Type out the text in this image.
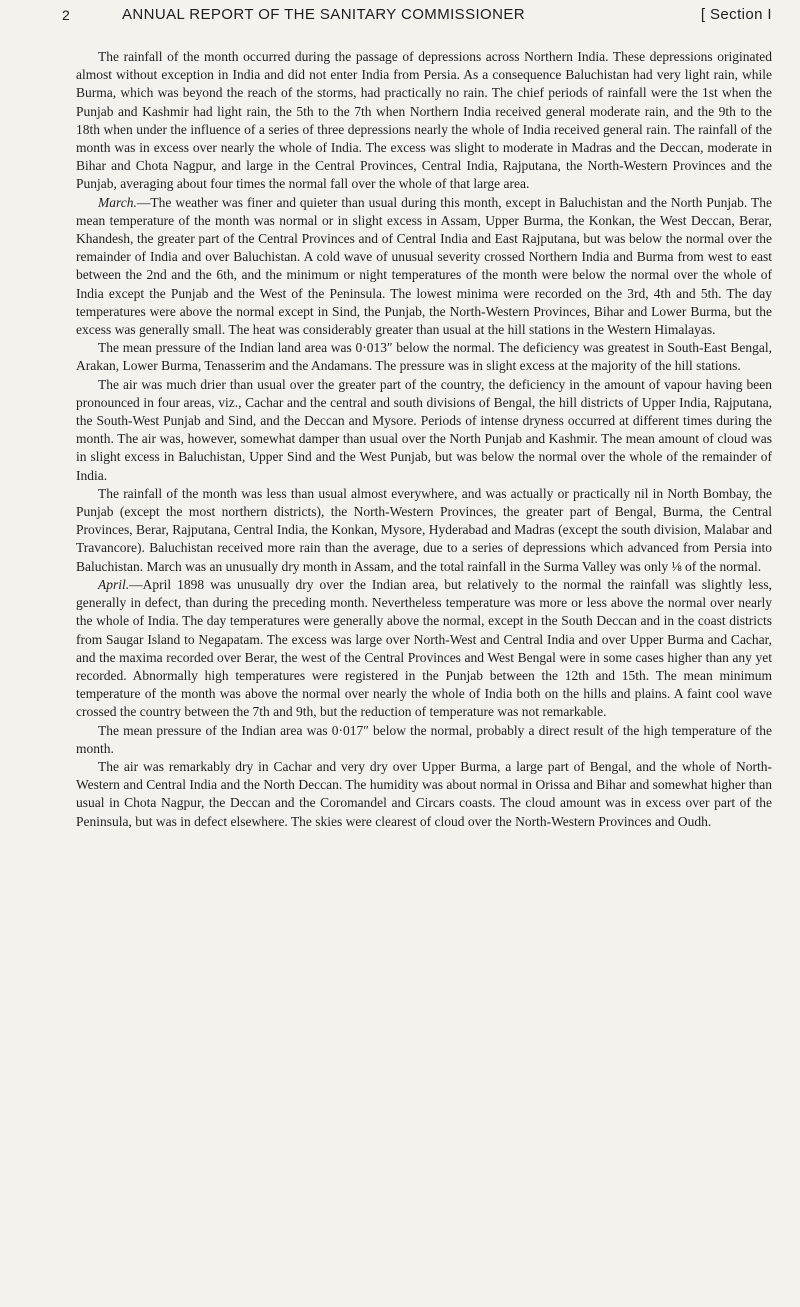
2	ANNUAL REPORT OF THE SANITARY COMMISSIONER	[ Section I

The rainfall of the month occurred during the passage of depressions across Northern India. These depressions originated almost without exception in India and did not enter India from Persia. As a consequence Baluchistan had very light rain, while Burma, which was beyond the reach of the storms, had practically no rain. The chief periods of rainfall were the 1st when the Punjab and Kashmir had light rain, the 5th to the 7th when Northern India received general moderate rain, and the 9th to the 18th when under the influence of a series of three depressions nearly the whole of India received general rain. The rainfall of the month was in excess over nearly the whole of India. The excess was slight to moderate in Madras and the Deccan, moderate in Bihar and Chota Nagpur, and large in the Central Provinces, Central India, Rajputana, the North-Western Provinces and the Punjab, averaging about four times the normal fall over the whole of that large area.

March.—The weather was finer and quieter than usual during this month, except in Baluchistan and the North Punjab. The mean temperature of the month was normal or in slight excess in Assam, Upper Burma, the Konkan, the West Deccan, Berar, Khandesh, the greater part of the Central Provinces and of Central India and East Rajputana, but was below the normal over the remainder of India and over Baluchistan. A cold wave of unusual severity crossed Northern India and Burma from west to east between the 2nd and the 6th, and the minimum or night temperatures of the month were below the normal over the whole of India except the Punjab and the West of the Peninsula. The lowest minima were recorded on the 3rd, 4th and 5th. The day temperatures were above the normal except in Sind, the Punjab, the North-Western Provinces, Bihar and Lower Burma, but the excess was generally small. The heat was considerably greater than usual at the hill stations in the Western Himalayas.

The mean pressure of the Indian land area was 0·013″ below the normal. The deficiency was greatest in South-East Bengal, Arakan, Lower Burma, Tenasserim and the Andamans. The pressure was in slight excess at the majority of the hill stations.

The air was much drier than usual over the greater part of the country, the deficiency in the amount of vapour having been pronounced in four areas, viz., Cachar and the central and south divisions of Bengal, the hill districts of Upper India, Rajputana, the South-West Punjab and Sind, and the Deccan and Mysore. Periods of intense dryness occurred at different times during the month. The air was, however, somewhat damper than usual over the North Punjab and Kashmir. The mean amount of cloud was in slight excess in Baluchistan, Upper Sind and the West Punjab, but was below the normal over the whole of the remainder of India.

The rainfall of the month was less than usual almost everywhere, and was actually or practically nil in North Bombay, the Punjab (except the most northern districts), the North-Western Provinces, the greater part of Bengal, Burma, the Central Provinces, Berar, Rajputana, Central India, the Konkan, Mysore, Hyderabad and Madras (except the south division, Malabar and Travancore). Baluchistan received more rain than the average, due to a series of depressions which advanced from Persia into Baluchistan. March was an unusually dry month in Assam, and the total rainfall in the Surma Valley was only ⅛ of the normal.

April.—April 1898 was unusually dry over the Indian area, but relatively to the normal the rainfall was slightly less, generally in defect, than during the preceding month. Nevertheless temperature was more or less above the normal over nearly the whole of India. The day temperatures were generally above the normal, except in the South Deccan and in the coast districts from Saugar Island to Negapatam. The excess was large over North-West and Central India and over Upper Burma and Cachar, and the maxima recorded over Berar, the west of the Central Provinces and West Bengal were in some cases higher than any yet recorded. Abnormally high temperatures were registered in the Punjab between the 12th and 15th. The mean minimum temperature of the month was above the normal over nearly the whole of India both on the hills and plains. A faint cool wave crossed the country between the 7th and 9th, but the reduction of temperature was not remarkable.

The mean pressure of the Indian area was 0·017″ below the normal, probably a direct result of the high temperature of the month.

The air was remarkably dry in Cachar and very dry over Upper Burma, a large part of Bengal, and the whole of North-Western and Central India and the North Deccan. The humidity was about normal in Orissa and Bihar and somewhat higher than usual in Chota Nagpur, the Deccan and the Coromandel and Circars coasts. The cloud amount was in excess over part of the Peninsula, but was in defect elsewhere. The skies were clearest of cloud over the North-Western Provinces and Oudh.
